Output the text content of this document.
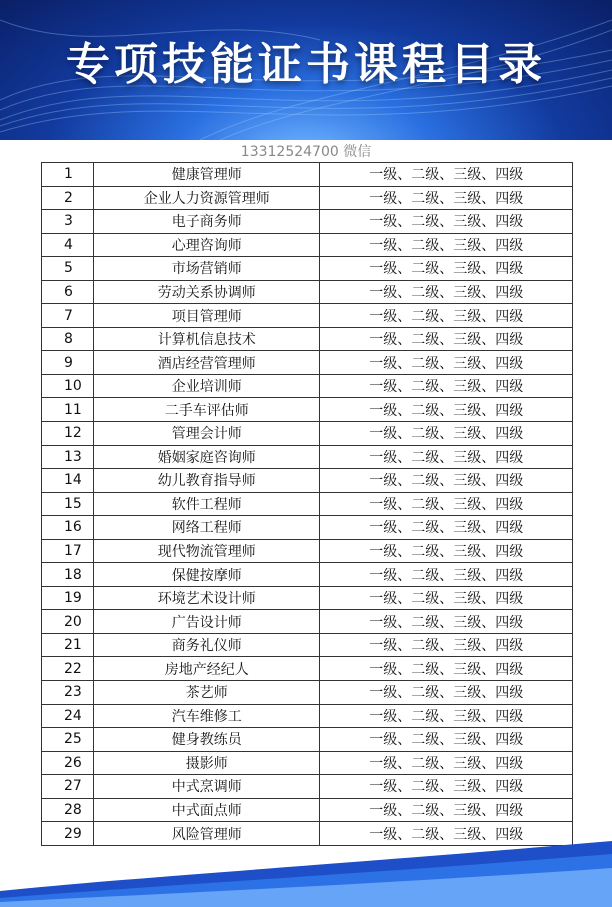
专项技能证书课程目录
13312524700 微信
1	健康管理师	一级、二级、三级、四级
2	企业人力资源管理师	一级、二级、三级、四级
3	电子商务师	一级、二级、三级、四级
4	心理咨询师	一级、二级、三级、四级
5	市场营销师	一级、二级、三级、四级
6	劳动关系协调师	一级、二级、三级、四级
7	项目管理师	一级、二级、三级、四级
8	计算机信息技术	一级、二级、三级、四级
9	酒店经营管理师	一级、二级、三级、四级
10	企业培训师	一级、二级、三级、四级
11	二手车评估师	一级、二级、三级、四级
12	管理会计师	一级、二级、三级、四级
13	婚姻家庭咨询师	一级、二级、三级、四级
14	幼儿教育指导师	一级、二级、三级、四级
15	软件工程师	一级、二级、三级、四级
16	网络工程师	一级、二级、三级、四级
17	现代物流管理师	一级、二级、三级、四级
18	保健按摩师	一级、二级、三级、四级
19	环境艺术设计师	一级、二级、三级、四级
20	广告设计师	一级、二级、三级、四级
21	商务礼仪师	一级、二级、三级、四级
22	房地产经纪人	一级、二级、三级、四级
23	茶艺师	一级、二级、三级、四级
24	汽车维修工	一级、二级、三级、四级
25	健身教练员	一级、二级、三级、四级
26	摄影师	一级、二级、三级、四级
27	中式烹调师	一级、二级、三级、四级
28	中式面点师	一级、二级、三级、四级
29	风险管理师	一级、二级、三级、四级
